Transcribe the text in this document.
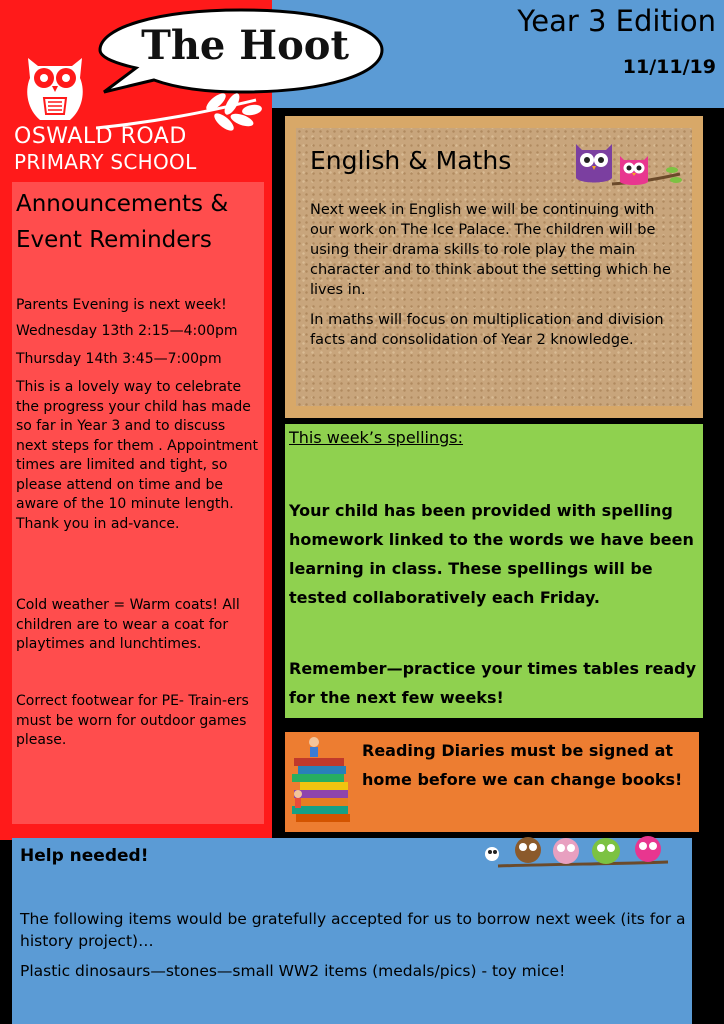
The Hoot
OSWALD ROAD
PRIMARY SCHOOL
Year 3 Edition
11/11/19
Announcements &
Event Reminders
Parents Evening is next week!
Wednesday 13th 2:15—4:00pm
Thursday 14th 3:45—7:00pm
This is a lovely way to celebrate the progress your child has made so far in Year 3 and to discuss next steps for them . Appointment times are limited and tight, so please attend on time and be aware of the 10 minute length. Thank you in ad-vance.
Cold weather = Warm coats! All children are to wear a coat for playtimes and lunchtimes.
Correct footwear for PE- Train-ers must be worn for outdoor games please.
English & Maths
Next week in English we will be continuing with our work on The Ice Palace. The children will be using their drama skills to role play the main character and to think about the setting which he lives in.
In maths will focus on multiplication and division facts and consolidation of Year 2 knowledge.
This week’s spellings:
Your child has been provided with spelling homework linked to the words we have been learning in class. These spellings will be tested collaboratively each Friday.
Remember—practice your times tables ready for the next few weeks!
Reading Diaries must be signed at home before we can change books!
Help needed!
The following items would be gratefully accepted for us to borrow next week (its for a history project)…
Plastic dinosaurs—stones—small WW2 items (medals/pics) - toy mice!
